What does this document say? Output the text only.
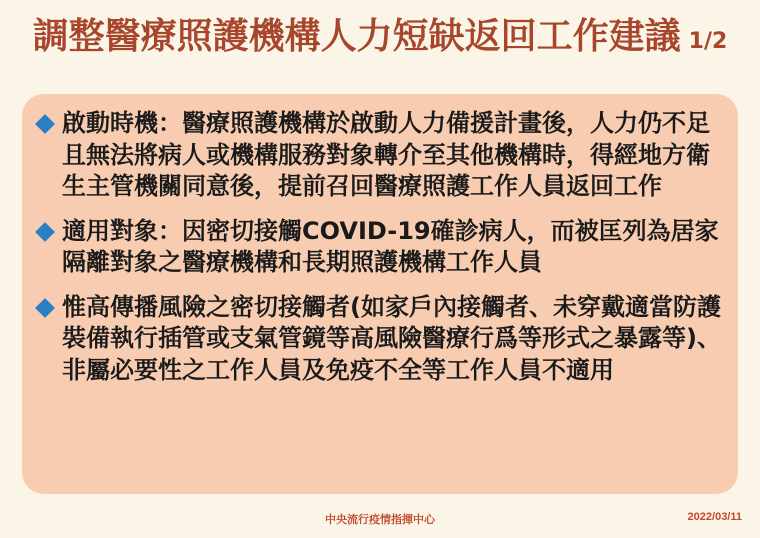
調整醫療照護機構人力短缺返回工作建議 1/2
啟動時機：醫療照護機構於啟動人力備援計畫後，人力仍不足且無法將病人或機構服務對象轉介至其他機構時，得經地方衛生主管機關同意後，提前召回醫療照護工作人員返回工作
適用對象：因密切接觸COVID-19確診病人，而被匡列為居家隔離對象之醫療機構和長期照護機構工作人員
惟高傳播風險之密切接觸者(如家戶內接觸者、未穿戴適當防護裝備執行插管或支氣管鏡等高風險醫療行爲等形式之暴露等)、非屬必要性之工作人員及免疫不全等工作人員不適用
中央流行疫情指揮中心	2022/03/11
